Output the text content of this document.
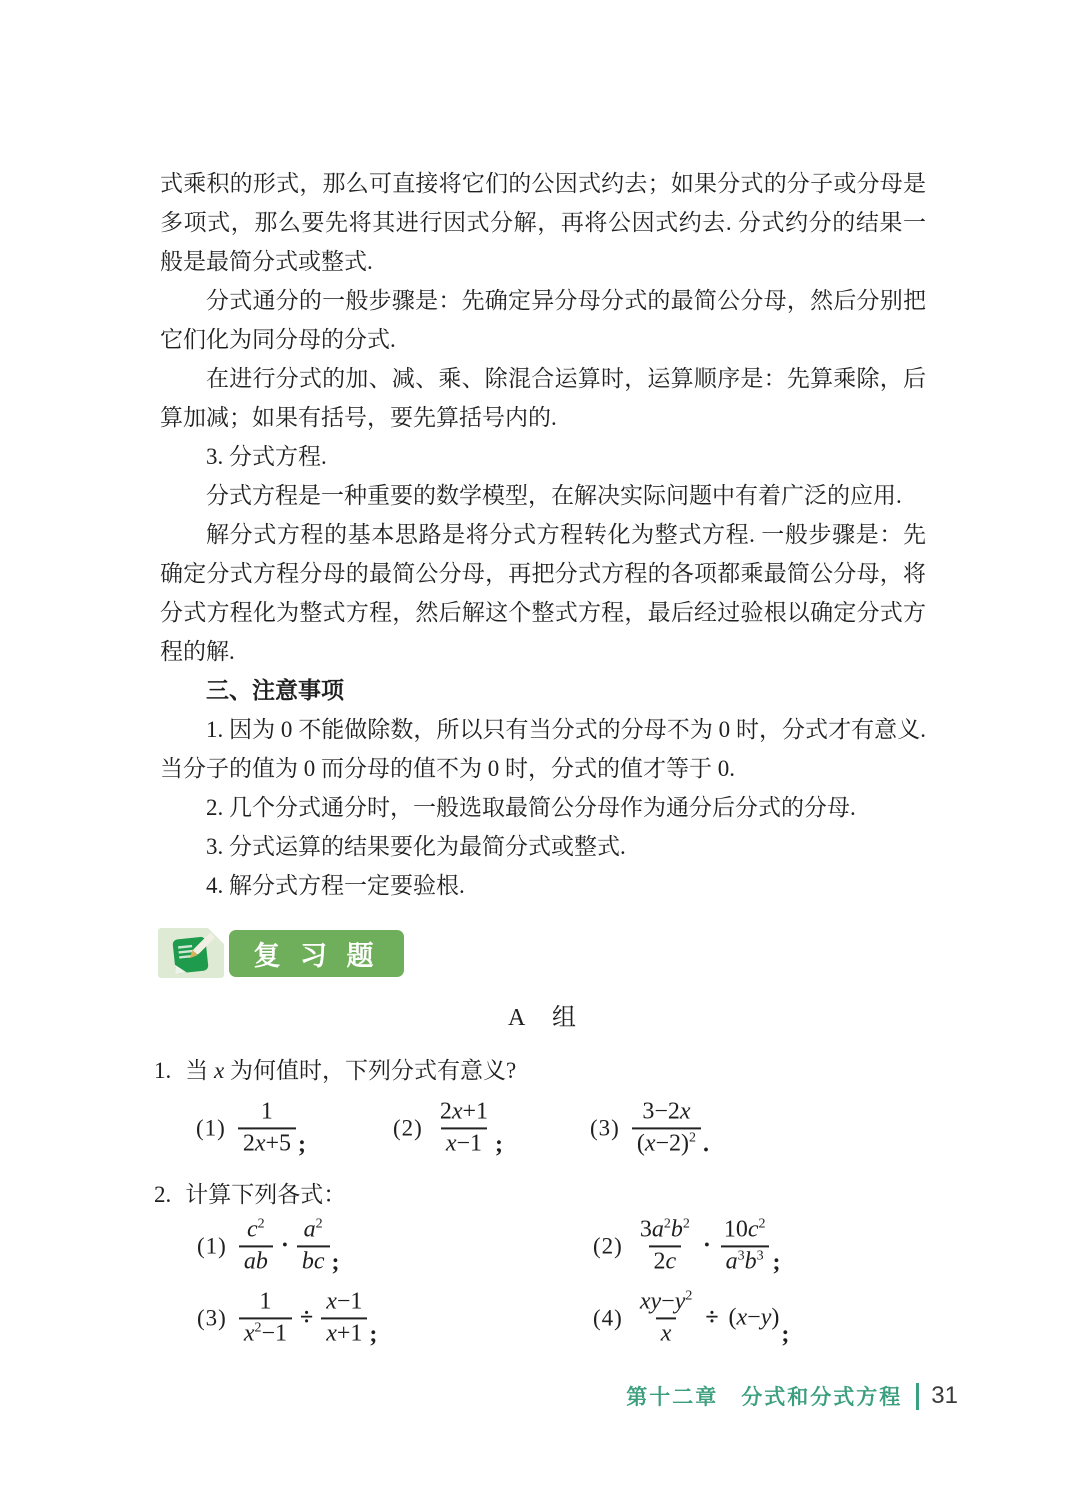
式乘积的形式，那么可直接将它们的公因式约去；如果分式的分子或分母是多项式，那么要先将其进行因式分解，再将公因式约去. 分式约分的结果一般是最简分式或整式.

分式通分的一般步骤是：先确定异分母分式的最简公分母，然后分别把它们化为同分母的分式.

在进行分式的加、减、乘、除混合运算时，运算顺序是：先算乘除，后算加减；如果有括号，要先算括号内的.

3. 分式方程.

分式方程是一种重要的数学模型，在解决实际问题中有着广泛的应用.

解分式方程的基本思路是将分式方程转化为整式方程. 一般步骤是：先确定分式方程分母的最简公分母，再把分式方程的各项都乘最简公分母，将分式方程化为整式方程，然后解这个整式方程，最后经过验根以确定分式方程的解.

三、注意事项

1. 因为 0 不能做除数，所以只有当分式的分母不为 0 时，分式才有意义. 当分子的值为 0 而分母的值不为 0 时，分式的值才等于 0.

2. 几个分式通分时，一般选取最简公分母作为通分后分式的分母.

3. 分式运算的结果要化为最简分式或整式.

4. 解分式方程一定要验根.

复 习 题
A　组

1. 当 x 为何值时，下列分式有意义?

$(1) \frac{1}{2x+5}$ ;
$(2) \frac{2x+1}{x-1}$ ;
$(3) \frac{3-2x}{(x-2)^2}$ .

2. 计算下列各式：

$(1) \frac{c^2}{ab} \cdot \frac{a^2}{bc}$ ;
$(2) \frac{3a^2b^2}{2c} \cdot \frac{10c^2}{a^3b^3}$ ;
$(3) \frac{1}{x^2-1} \div \frac{x-1}{x+1}$ ;
$(4) \frac{xy-y^2}{x} \div (x-y)$
;
第十二章　分式和分式方程 31
